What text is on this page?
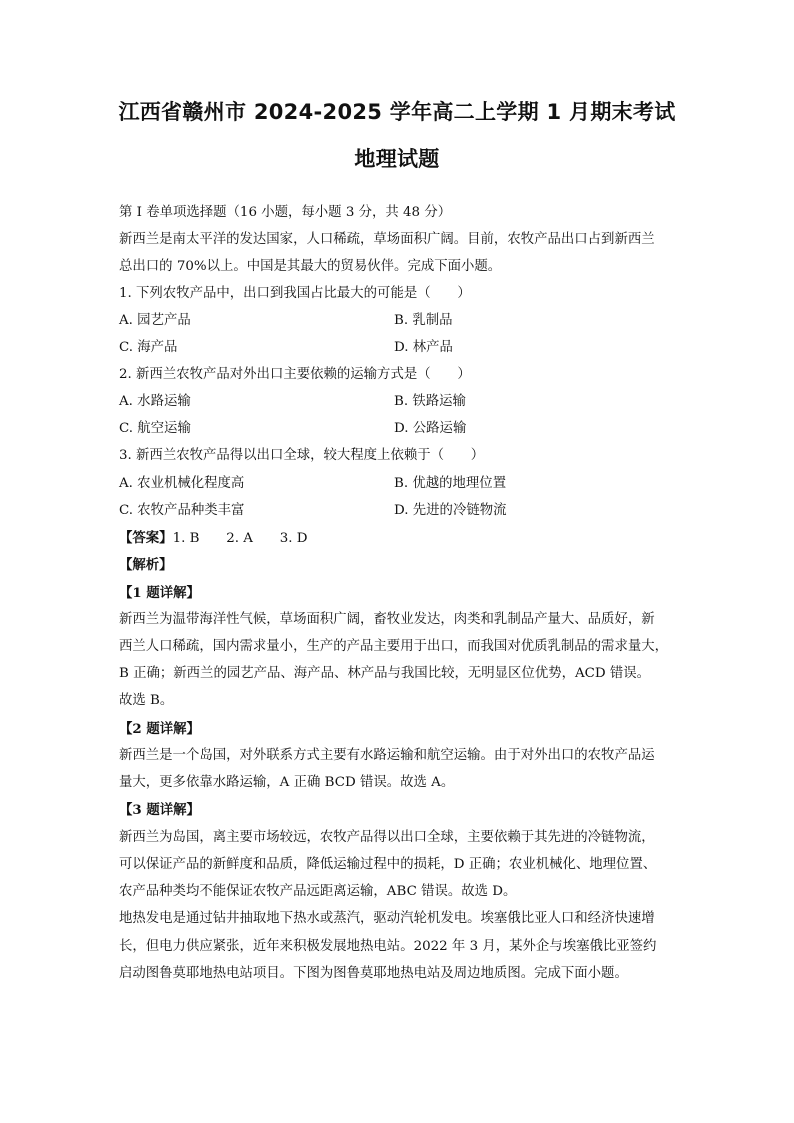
江西省赣州市 2024-2025 学年高二上学期 1 月期末考试
地理试题
第 I 卷单项选择题（16 小题，每小题 3 分，共 48 分）
新西兰是南太平洋的发达国家，人口稀疏，草场面积广阔。目前，农牧产品出口占到新西兰
总出口的 70%以上。中国是其最大的贸易伙伴。完成下面小题。
1. 下列农牧产品中，出口到我国占比最大的可能是（　　）
A. 园艺产品	B. 乳制品
C. 海产品	D. 林产品
2. 新西兰农牧产品对外出口主要依赖的运输方式是（　　）
A. 水路运输	B. 铁路运输
C. 航空运输	D. 公路运输
3. 新西兰农牧产品得以出口全球，较大程度上依赖于（　　）
A. 农业机械化程度高	B. 优越的地理位置
C. 农牧产品种类丰富	D. 先进的冷链物流
【答案】1. B　　2. A　　3. D
【解析】
【1 题详解】
新西兰为温带海洋性气候，草场面积广阔，畜牧业发达，肉类和乳制品产量大、品质好，新
西兰人口稀疏，国内需求量小，生产的产品主要用于出口，而我国对优质乳制品的需求量大，
B 正确；新西兰的园艺产品、海产品、林产品与我国比较，无明显区位优势，ACD 错误。
故选 B。
【2 题详解】
新西兰是一个岛国，对外联系方式主要有水路运输和航空运输。由于对外出口的农牧产品运
量大，更多依靠水路运输，A 正确 BCD 错误。故选 A。
【3 题详解】
新西兰为岛国，离主要市场较远，农牧产品得以出口全球，主要依赖于其先进的冷链物流，
可以保证产品的新鲜度和品质，降低运输过程中的损耗，D 正确；农业机械化、地理位置、
农产品种类均不能保证农牧产品远距离运输，ABC 错误。故选 D。
地热发电是通过钻井抽取地下热水或蒸汽，驱动汽轮机发电。埃塞俄比亚人口和经济快速增
长，但电力供应紧张，近年来积极发展地热电站。2022 年 3 月，某外企与埃塞俄比亚签约
启动图鲁莫耶地热电站项目。下图为图鲁莫耶地热电站及周边地质图。完成下面小题。
